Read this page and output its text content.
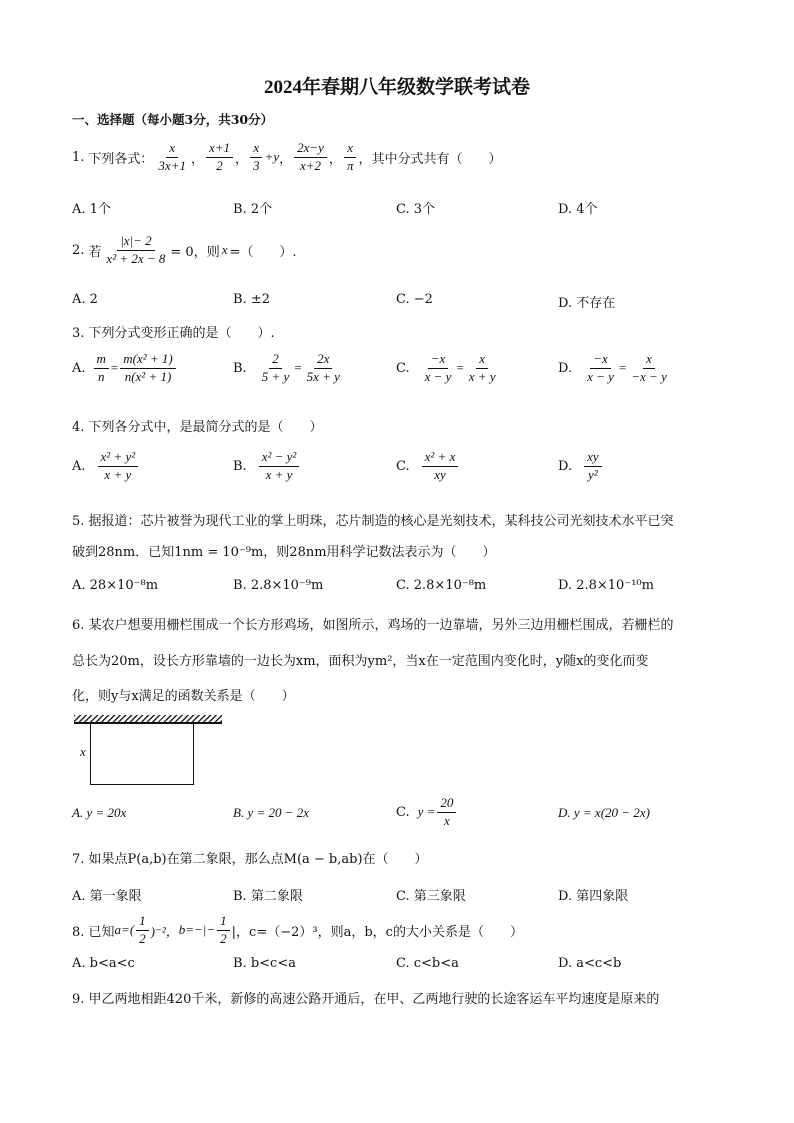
2024年春期八年级数学联考试卷
一、选择题（每小题3分，共30分）
1. 下列各式： $\frac{x}{3x+1}$ ， $\frac{x+1}{2}$ ， $\frac{x}{3} +y$ ， $\frac{2x-y}{x+2}$ ， $\frac{x}{\pi}$ ，其中分式共有（　　）
A. 1个	B. 2个	C. 3个	D. 4个
2. 若 $\frac{|x|- 2}{\text{x² + 2x − 8}} = 0$，则 x =（　　）.
A. 2	B. ±2	C. −2	D. 不存在
3. 下列分式变形正确的是（　　）.
A. $\frac{m}{n} = \frac{\text{m(x² + 1)}}{\text{n(x² + 1)}}$	B. $\frac{2}{5 + y} = \frac{2x}{5x + y}$	C. $\frac{-x}{x - y} = \frac{x}{x + y}$	D. $\frac{-x}{x - y} = \frac{x}{-x - y}$
4. 下列各分式中，是最简分式的是（　　）
A. $\frac{\text{x² + y²}}{x + y}$	B. $\frac{\text{x² − y²}}{x + y}$	C. $\frac{\text{x² + x}}{xy}$	D. $\frac{xy}{\text{y²}}$
5. 据报道：芯片被誉为现代工业的掌上明珠，芯片制造的核心是光刻技术，某科技公司光刻技术水平已突
破到28nm．已知1nm = 10⁻⁹m，则28nm用科学记数法表示为（　　）
A. 28×10⁻⁸m	B. 2.8×10⁻⁹m	C. 2.8×10⁻⁸m	D. 2.8×10⁻¹⁰m
6. 某农户想要用栅栏围成一个长方形鸡场，如图所示，鸡场的一边靠墙，另外三边用栅栏围成，若栅栏的
总长为20m，设长方形靠墙的一边长为xm，面积为ym²，当x在一定范围内变化时，y随x的变化而变
化，则y与x满足的函数关系是（　　）
x
A. y = 20x	B. y = 20 − 2x	C. $y = \frac{20}{x}$	D. y = x(20 − 2x)
7. 如果点P(a,b)在第二象限，那么点M(a − b,ab)在（　　）
A. 第一象限	B. 第二象限	C. 第三象限	D. 第四象限
8. 已知 $a=( \frac{1}{2} )^{-2}$， $b=-|- \frac{1}{2}$ |，c=（−2）³，则a，b，c的大小关系是（　　）
A. b<a<c	B. b<c<a	C. c<b<a	D. a<c<b
9. 甲乙两地相距420千米，新修的高速公路开通后，在甲、乙两地行驶的长途客运车平均速度是原来的
